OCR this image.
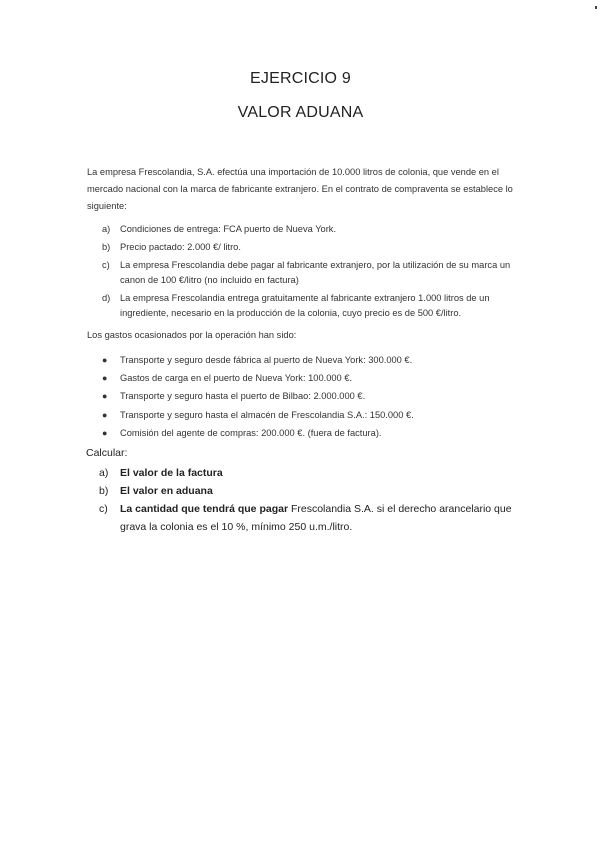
EJERCICIO 9
VALOR ADUANA

La empresa Frescolandia, S.A. efectúa una importación de 10.000 litros de colonia, que vende en el mercado nacional con la marca de fabricante extranjero. En el contrato de compraventa se establece lo siguiente:

a) Condiciones de entrega: FCA puerto de Nueva York.
b) Precio pactado: 2.000 €/ litro.
c) La empresa Frescolandia debe pagar al fabricante extranjero, por la utilización de su marca un canon de 100 €/litro (no incluido en factura)
d) La empresa Frescolandia entrega gratuitamente al fabricante extranjero 1.000 litros de un ingrediente, necesario en la producción de la colonia, cuyo precio es de 500 €/litro.

Los gastos ocasionados por la operación han sido:

● Transporte y seguro desde fábrica al puerto de Nueva York: 300.000 €.
● Gastos de carga en el puerto de Nueva York: 100.000 €.
● Transporte y seguro hasta el puerto de Bilbao: 2.000.000 €.
● Transporte y seguro hasta el almacén de Frescolandia S.A.: 150.000 €.
● Comisión del agente de compras: 200.000 €. (fuera de factura).

Calcular:

a) El valor de la factura
b) El valor en aduana
c) La cantidad que tendrá que pagar Frescolandia S.A. si el derecho arancelario que grava la colonia es el 10 %, mínimo 250 u.m./litro.
